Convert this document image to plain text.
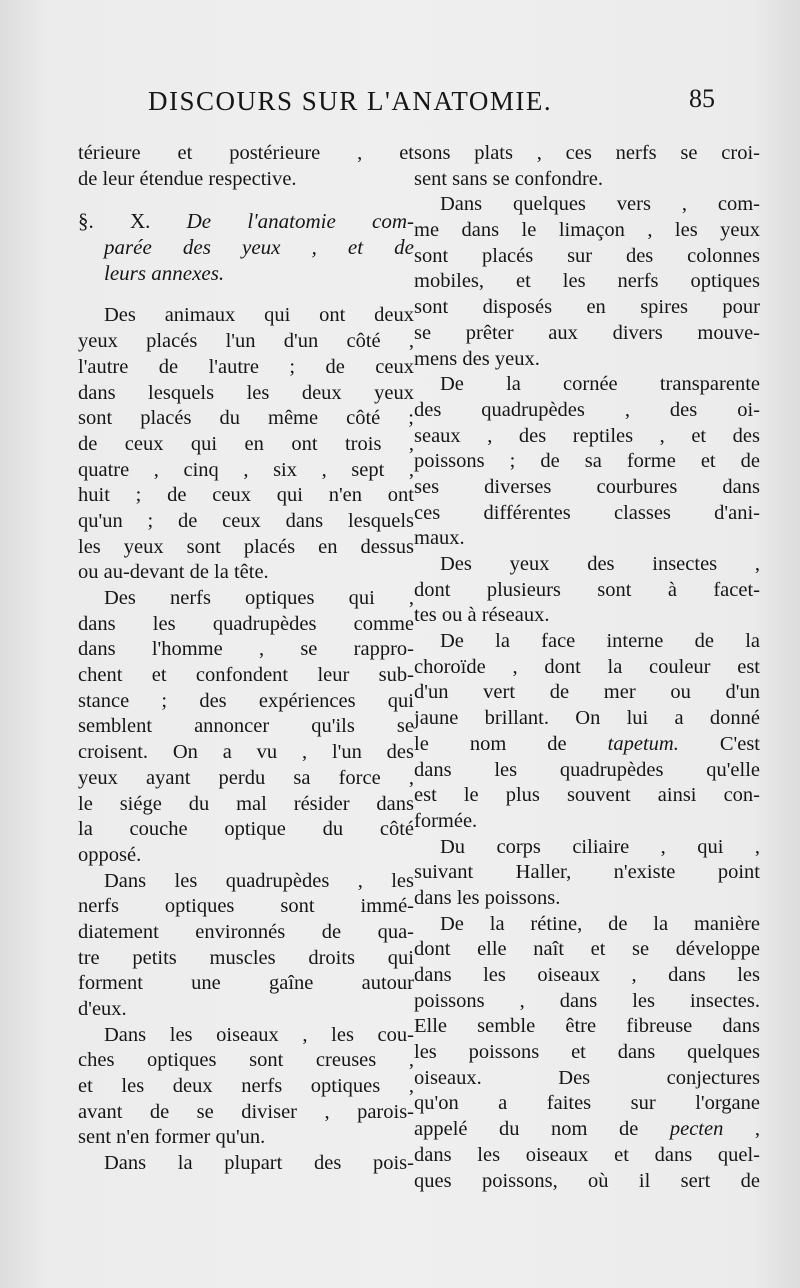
DISCOURS SUR L'ANATOMIE.	85
térieure et postérieure , et
de leur étendue respective.
§. X. De l'anatomie com-
parée des yeux , et de
leurs annexes.
Des animaux qui ont deux
yeux placés l'un d'un côté ,
l'autre de l'autre ; de ceux
dans lesquels les deux yeux
sont placés du même côté ;
de ceux qui en ont trois ,
quatre , cinq , six , sept ,
huit ; de ceux qui n'en ont
qu'un ; de ceux dans lesquels
les yeux sont placés en dessus
ou au-devant de la tête.
Des nerfs optiques qui ,
dans les quadrupèdes comme
dans l'homme , se rappro-
chent et confondent leur sub-
stance ; des expériences qui
semblent annoncer qu'ils se
croisent. On a vu , l'un des
yeux ayant perdu sa force ,
le siége du mal résider dans
la couche optique du côté
opposé.
Dans les quadrupèdes , les
nerfs optiques sont immé-
diatement environnés de qua-
tre petits muscles droits qui
forment une gaîne autour
d'eux.
Dans les oiseaux , les cou-
ches optiques sont creuses ,
et les deux nerfs optiques ,
avant de se diviser , parois-
sent n'en former qu'un.
Dans la plupart des pois-
sons plats , ces nerfs se croi-
sent sans se confondre.
Dans quelques vers , com-
me dans le limaçon , les yeux
sont placés sur des colonnes
mobiles, et les nerfs optiques
sont disposés en spires pour
se prêter aux divers mouve-
mens des yeux.
De la cornée transparente
des quadrupèdes , des oi-
seaux , des reptiles , et des
poissons ; de sa forme et de
ses diverses courbures dans
ces différentes classes d'ani-
maux.
Des yeux des insectes ,
dont plusieurs sont à facet-
tes ou à réseaux.
De la face interne de la
choroïde , dont la couleur est
d'un vert de mer ou d'un
jaune brillant. On lui a donné
le nom de tapetum. C'est
dans les quadrupèdes qu'elle
est le plus souvent ainsi con-
formée.
Du corps ciliaire , qui ,
suivant Haller, n'existe point
dans les poissons.
De la rétine, de la manière
dont elle naît et se développe
dans les oiseaux , dans les
poissons , dans les insectes.
Elle semble être fibreuse dans
les poissons et dans quelques
oiseaux. Des conjectures
qu'on a faites sur l'organe
appelé du nom de pecten ,
dans les oiseaux et dans quel-
ques poissons, où il sert de
